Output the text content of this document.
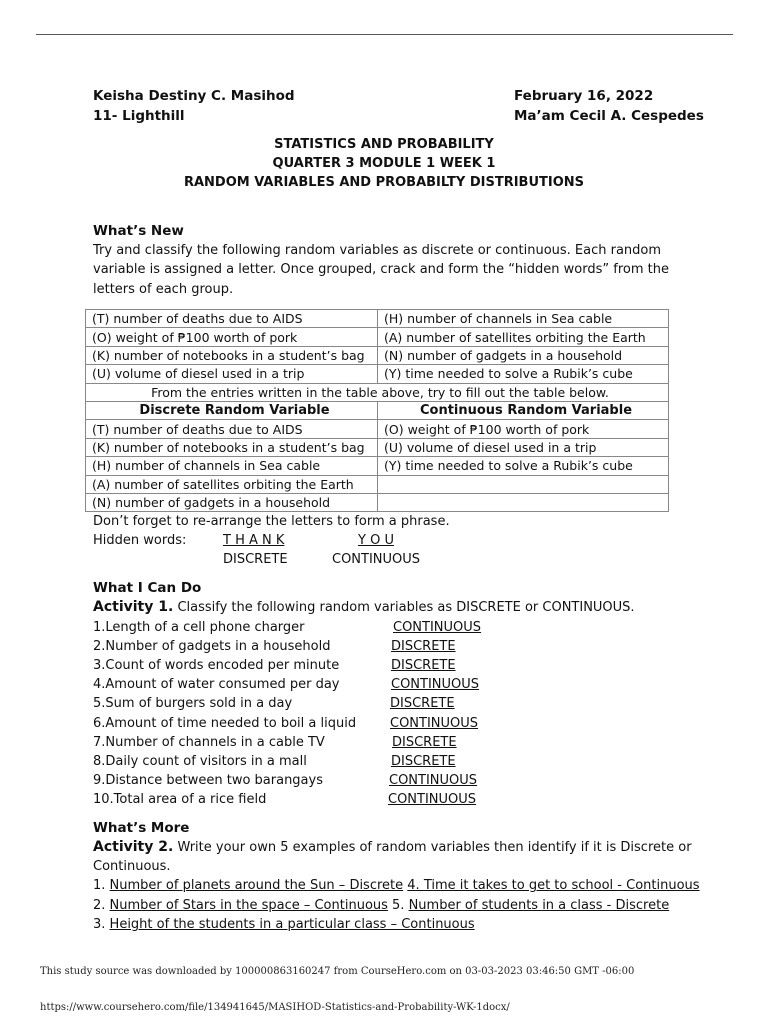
Keisha Destiny C. Masihod
11- Lighthill
February 16, 2022
Ma’am Cecil A. Cespedes
STATISTICS AND PROBABILITY
QUARTER 3 MODULE 1 WEEK 1
RANDOM VARIABLES AND PROBABILTY DISTRIBUTIONS
What’s New
Try and classify the following random variables as discrete or continuous. Each random
variable is assigned a letter. Once grouped, crack and form the “hidden words” from the
letters of each group.
(T) number of deaths due to AIDS	(H) number of channels in Sea cable
(O) weight of ₱100 worth of pork	(A) number of satellites orbiting the Earth
(K) number of notebooks in a student’s bag	(N) number of gadgets in a household
(U) volume of diesel used in a trip	(Y) time needed to solve a Rubik’s cube
From the entries written in the table above, try to fill out the table below.	
Discrete Random Variable	Continuous Random Variable
(T) number of deaths due to AIDS	(O) weight of ₱100 worth of pork
(K) number of notebooks in a student’s bag	(U) volume of diesel used in a trip
(H) number of channels in Sea cable	(Y) time needed to solve a Rubik’s cube
(A) number of satellites orbiting the Earth	
(N) number of gadgets in a household	
Don’t forget to re-arrange the letters to form a phrase.
Hidden words:	T H A N K	Y O U
DISCRETE	CONTINUOUS
What I Can Do
Activity 1. Classify the following random variables as DISCRETE or CONTINUOUS.
1.Length of a cell phone charger	CONTINUOUS
2.Number of gadgets in a household	DISCRETE
3.Count of words encoded per minute	DISCRETE
4.Amount of water consumed per day	CONTINUOUS
5.Sum of burgers sold in a day	DISCRETE
6.Amount of time needed to boil a liquid	CONTINUOUS
7.Number of channels in a cable TV	DISCRETE
8.Daily count of visitors in a mall	DISCRETE
9.Distance between two barangays	CONTINUOUS
10.Total area of a rice field	CONTINUOUS
What’s More
Activity 2. Write your own 5 examples of random variables then identify if it is Discrete or
Continuous.
1. Number of planets around the Sun – Discrete 4. Time it takes to get to school - Continuous
2. Number of Stars in the space – Continuous 5. Number of students in a class - Discrete
3. Height of the students in a particular class – Continuous
This study source was downloaded by 100000863160247 from CourseHero.com on 03-03-2023 03:46:50 GMT -06:00
https://www.coursehero.com/file/134941645/MASIHOD-Statistics-and-Probability-WK-1docx/
